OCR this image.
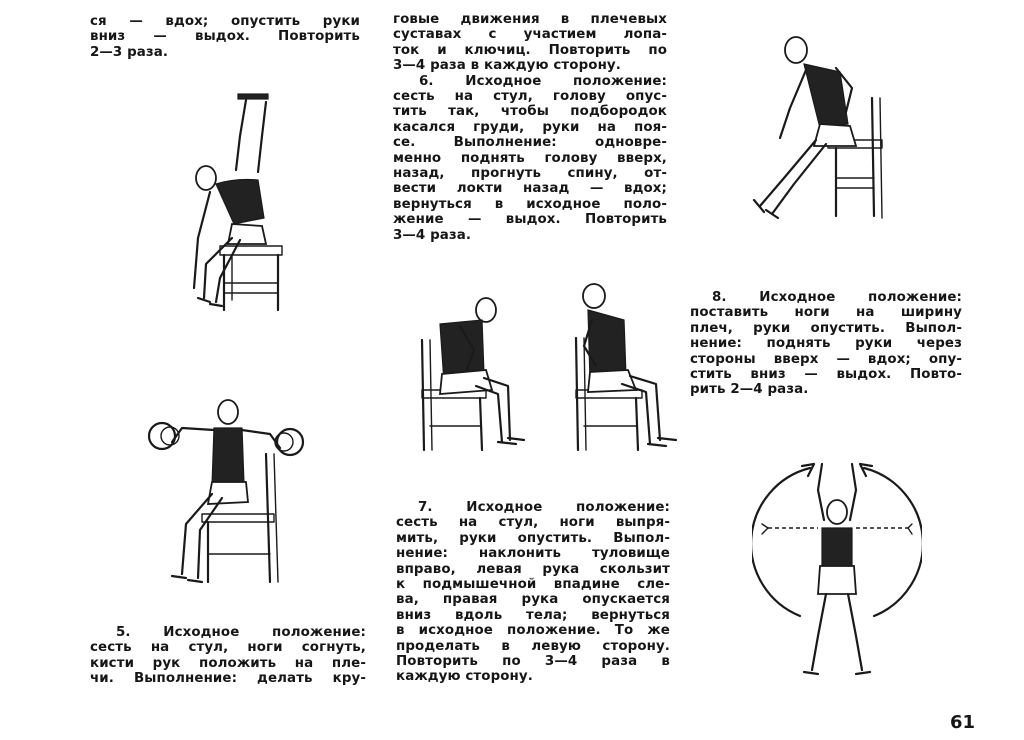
ся — вдох; опустить руки
вниз — выдох. Повторить
2—3 раза.
говые движения в плечевых
суставах с участием лопа-
ток и ключиц. Повторить по
3—4 раза в каждую сторону.
6. Исходное положение:
сесть на стул, голову опус-
тить так, чтобы подбородок
касался груди, руки на поя-
се. Выполнение: одновре-
менно поднять голову вверх,
назад, прогнуть спину, от-
вести локти назад — вдох;
вернуться в исходное поло-
жение — выдох. Повторить
3—4 раза.
8. Исходное положение:
поставить ноги на ширину
плеч, руки опустить. Выпол-
нение: поднять руки через
стороны вверх — вдох; опу-
стить вниз — выдох. Повто-
рить 2—4 раза.
5. Исходное положение:
сесть на стул, ноги согнуть,
кисти рук положить на пле-
чи. Выполнение: делать кру-
7. Исходное положение:
сесть на стул, ноги выпря-
мить, руки опустить. Выпол-
нение: наклонить туловище
вправо, левая рука скользит
к подмышечной впадине сле-
ва, правая рука опускается
вниз вдоль тела; вернуться
в исходное положение. То же
проделать в левую сторону.
Повторить по 3—4 раза в
каждую сторону.
61
